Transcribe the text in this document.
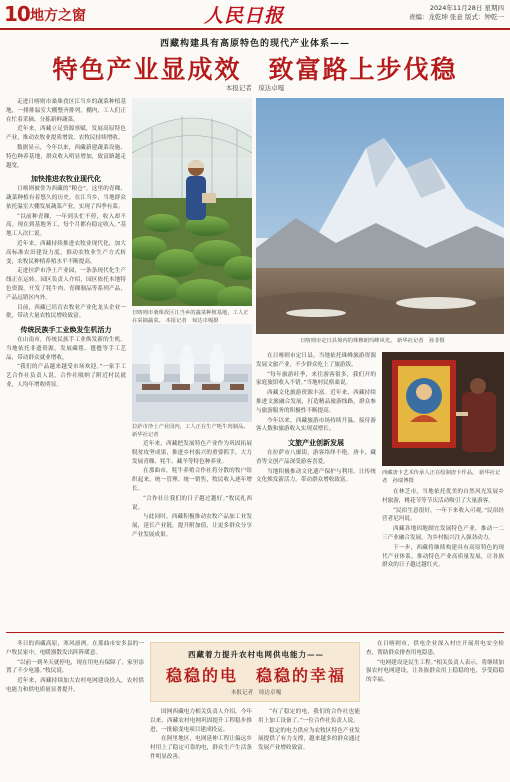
10 地方之窗	人民日报	2024年11月28日 星期四
责编：龙乾坤 张意 版式：钟乾一
西藏构建具有高原特色的现代产业体系——
特色产业显成效　致富路上步伐稳
本报记者　琼达卓嘎

走进日喀则市桑珠孜区江当乡的蔬菜种植基地，一排排温室大棚整齐排列。棚内，工人们正在忙着采摘、分拣新鲜蔬菜。

近年来，西藏立足资源禀赋，发展高原特色产业，推动农牧业提质增效、农牧民持续增收。

数据显示，今年以来，西藏新建蔬菜设施、特色种养基地，群众收入明显增加，致富路越走越宽。

加快推进农牧业现代化

日喀则被誉为西藏的“粮仓”，这里的青稞、蔬菜种植有着悠久的历史。在江当乡，当地群众依托温室大棚发展蔬菜产业，实现了四季有菜。

“以前种青稞，一年到头忙不停，收入却不高。现在到基地务工，每个月都有稳定收入。”基地工人次仁说。

近年来，西藏持续推进农牧业现代化，加大高标准农田建设力度，推动农牧业生产方式转变，农牧民种植养殖水平不断提高。

走进拉萨市净土产业园，一条条现代化生产线正在运转。园区负责人介绍，园区依托本地特色资源，开发了牦牛肉、青稞制品等系列产品，产品远销区内外。

目前，西藏已培育农牧业产业化龙头企业一批，带动大量农牧民增收致富。

传统民族手工业焕发生机活力

在山南市，传统民族手工业焕发新的生机。当地依托非遗资源，发展藏毯、氆氇等手工艺品，带动群众就业增收。

“我们的产品越来越受市场欢迎。”一家手工艺合作社负责人说，合作社吸纳了附近村民就业，人均年增收明显。

日喀则市桑珠孜区江当乡的蔬菜种植基地，工人正在采摘蔬菜。 本报记者　琼达卓嘎摄
日喀则市定日县境内的珠穆朗玛峰风光。 新华社记者　孙非摄
拉萨市净土产业园内，工人正在生产牦牛肉制品。 新华社记者

近年来，西藏把发展特色产业作为巩固拓展脱贫攻坚成果、推进乡村振兴的重要抓手，大力发展青稞、牦牛、藏羊等特色种养业。

在那曲市，牦牛养殖合作社将分散的牧户组织起来，统一管理、统一销售，牧民收入逐年增长。

“合作社让我们的日子越过越好。”牧民扎西说。

与此同时，西藏积极推动农牧产品加工业发展，延长产业链，提升附加值，让更多群众分享产业发展成果。

在日喀则市定日县，当地依托珠峰旅游资源发展文旅产业，不少群众吃上了旅游饭。

“每年旅游旺季，来往游客很多，我们开的家庭旅馆收入不错。”当地村民格桑说。

西藏文化旅游资源丰富。近年来，西藏持续推进文旅融合发展，打造精品旅游线路，群众参与旅游服务的积极性不断提高。

今年以来，西藏旅游市场持续升温，接待游客人数和旅游收入实现双增长。

文旅产业创新发展

在拉萨市八廓街，游客络绎不绝。唐卡、藏香等文创产品深受游客喜爱。

当地积极推动文化遗产保护与利用，让传统文化焕发新活力，带动群众增收致富。

西藏唐卡艺术传承人正在绘制唐卡作品。 新华社记者　孙瑞博摄

在林芝市，当地依托优美的自然风光发展乡村旅游，桃花节等节庆活动吸引了大量游客。

“民宿生意很好，一年下来收入可观。”民宿经营者尼玛说。

西藏各地因地制宜发展特色产业，推动一二三产业融合发展，为乡村振兴注入强劲动力。

下一步，西藏将继续构建具有高原特色的现代产业体系，推动特色产业高质量发展，让各族群众的日子越过越红火。

冬日的西藏高原，寒风凛冽。在那曲市安多县的一户牧民家中，电暖器散发出阵阵暖意。

“以前一到冬天就停电，现在用电有保障了，家里添置了不少电器。”牧民说。

近年来，西藏持续加大农村电网建设投入，农村供电能力和供电质量显著提升。

西藏着力提升农村电网供电能力——
稳稳的电　稳稳的幸福
本报记者　琼达卓嘎

国网西藏电力相关负责人介绍，今年以来，西藏农村电网巩固提升工程稳步推进，一批输变电项目建成投运。

在阿里地区，电网延伸工程让偏远乡村用上了稳定可靠的电，群众生产生活条件明显改善。

“有了稳定的电，我们的合作社也能用上加工设备了。”一位合作社负责人说。

稳定的电力供应为农牧区特色产业发展提供了有力支撑，越来越多的群众通过发展产业增收致富。

在日喀则市，供电企业深入村庄开展用电安全检查，帮助群众排查用电隐患。

“电网建设是民生工程。”相关负责人表示，将继续加强农村电网建设，让各族群众用上稳稳的电，享受稳稳的幸福。
